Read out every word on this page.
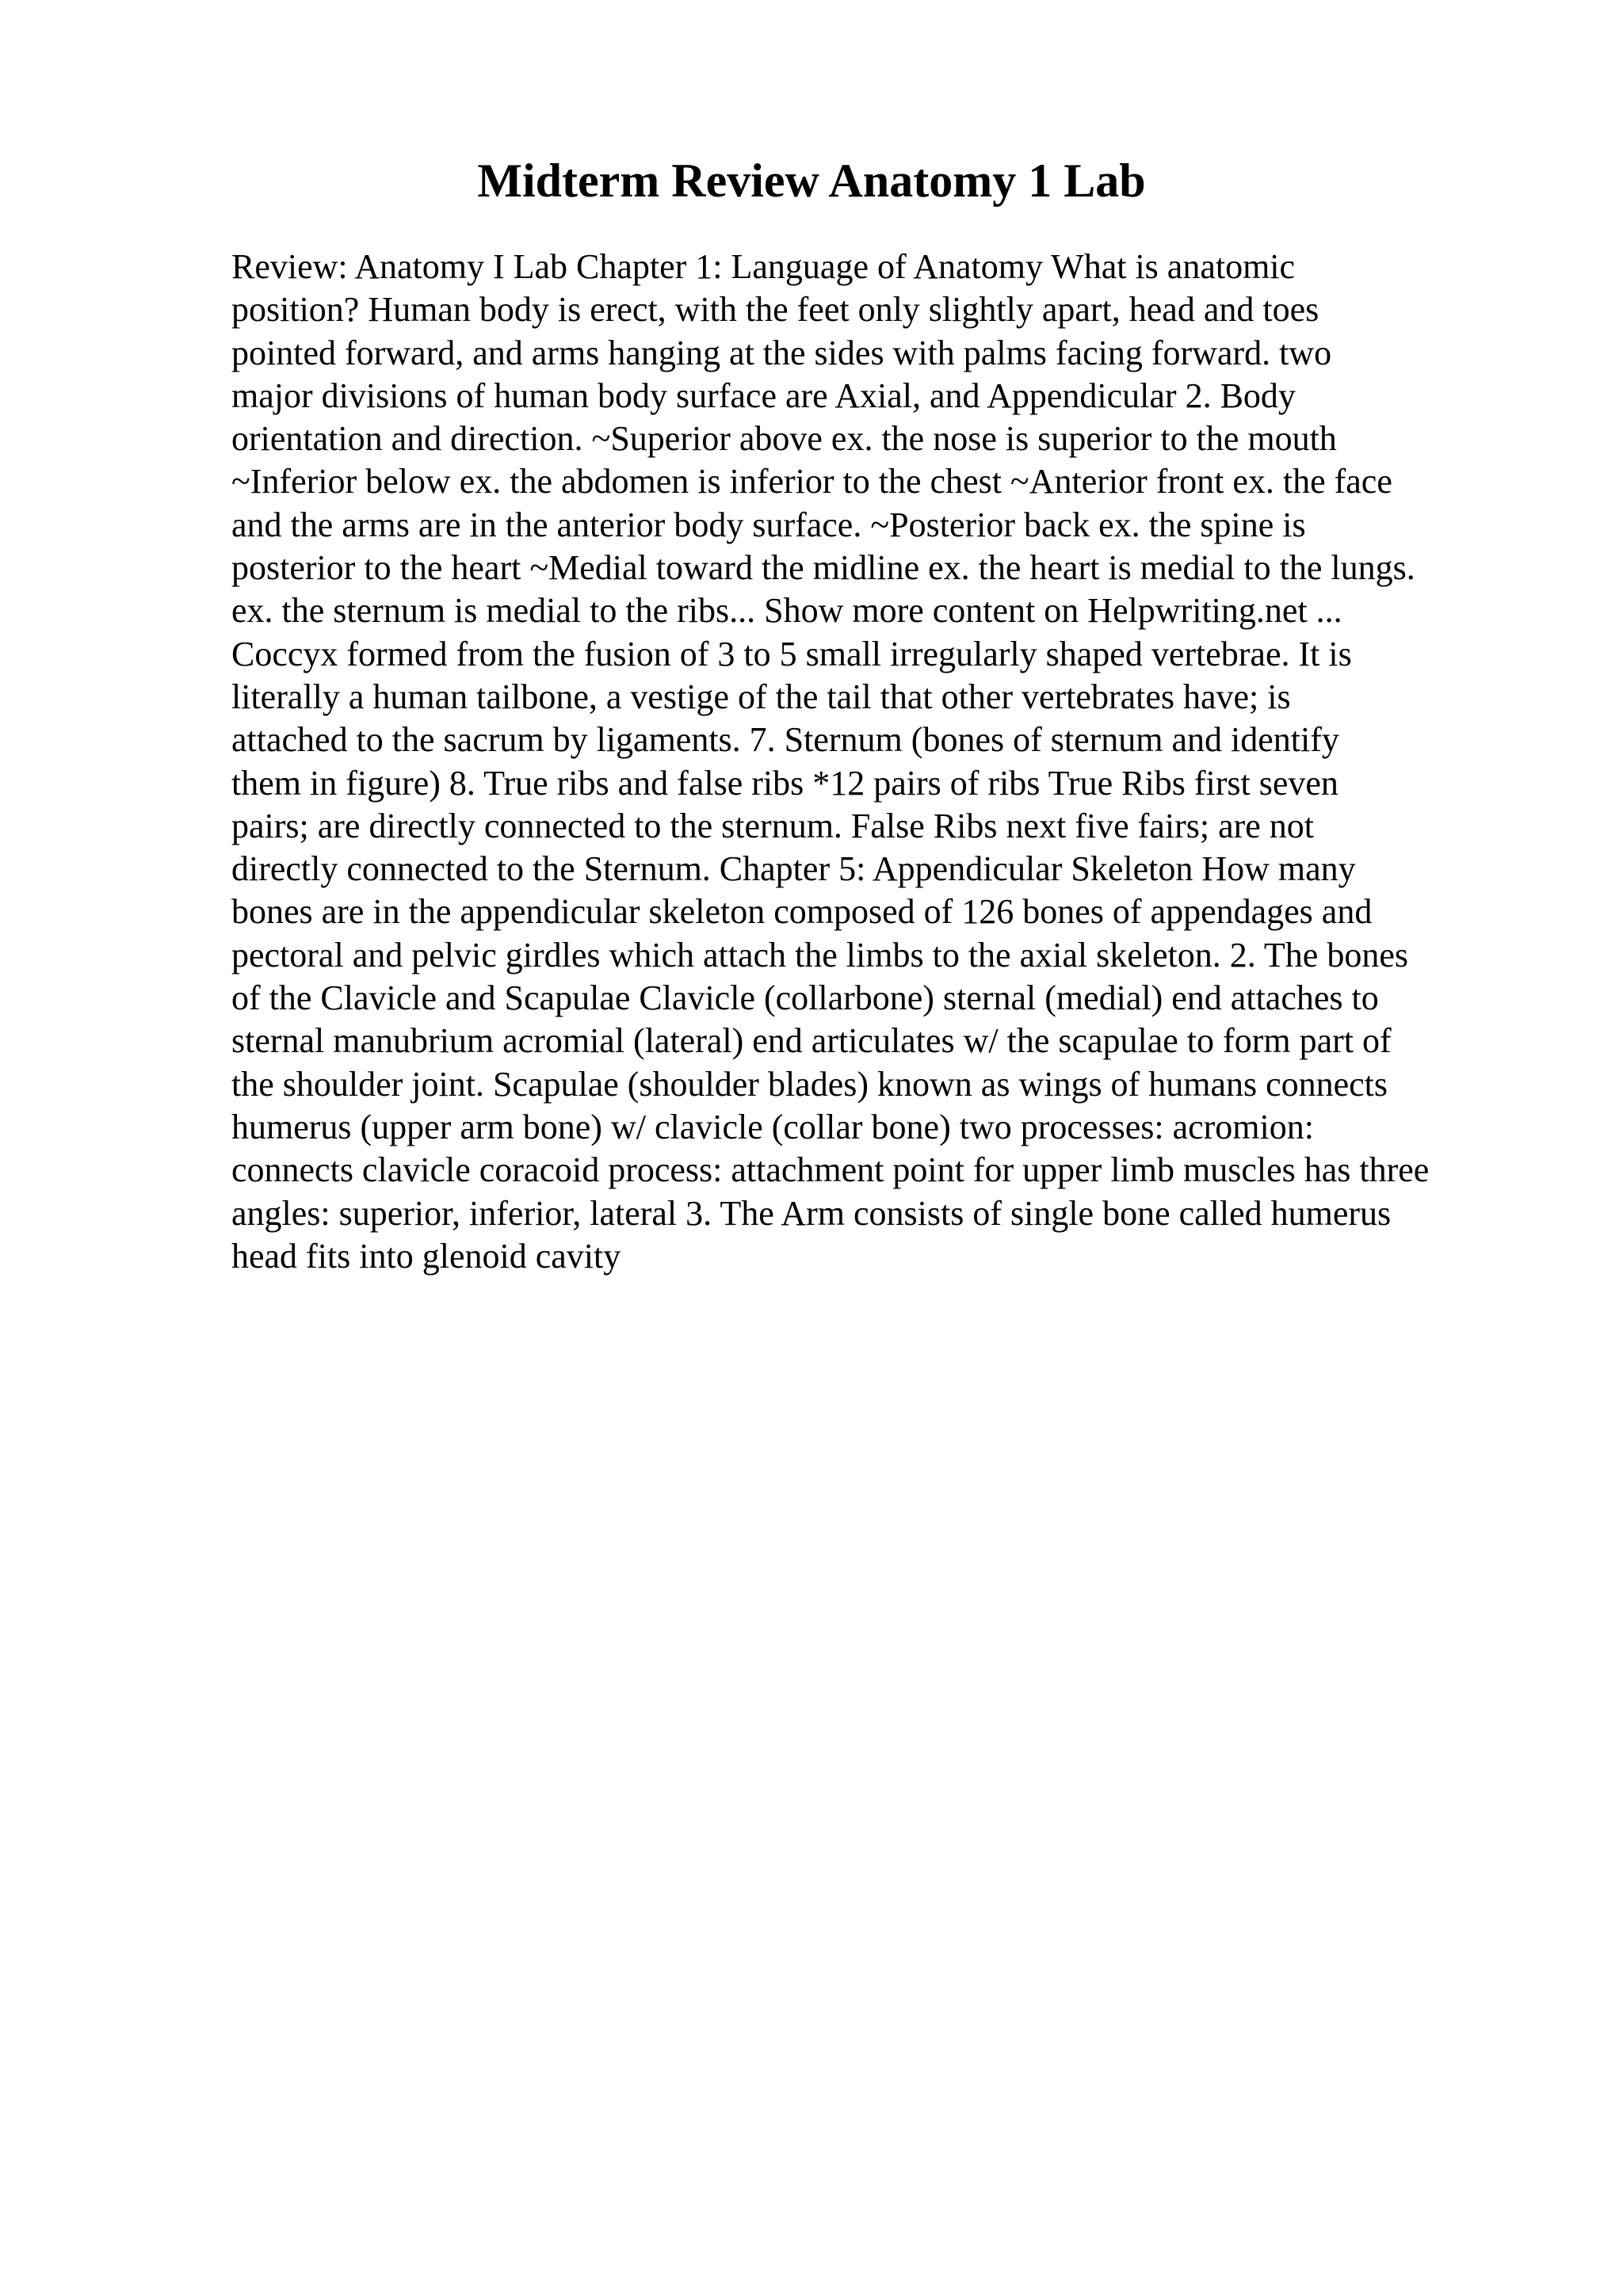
Midterm Review Anatomy 1 Lab
Review: Anatomy I Lab Chapter 1: Language of Anatomy What is anatomic
position? Human body is erect, with the feet only slightly apart, head and toes
pointed forward, and arms hanging at the sides with palms facing forward. two
major divisions of human body surface are Axial, and Appendicular 2. Body
orientation and direction. ~Superior above ex. the nose is superior to the mouth
~Inferior below ex. the abdomen is inferior to the chest ~Anterior front ex. the face
and the arms are in the anterior body surface. ~Posterior back ex. the spine is
posterior to the heart ~Medial toward the midline ex. the heart is medial to the lungs.
ex. the sternum is medial to the ribs... Show more content on Helpwriting.net ...
Coccyx formed from the fusion of 3 to 5 small irregularly shaped vertebrae. It is
literally a human tailbone, a vestige of the tail that other vertebrates have; is
attached to the sacrum by ligaments. 7. Sternum (bones of sternum and identify
them in figure) 8. True ribs and false ribs *12 pairs of ribs True Ribs first seven
pairs; are directly connected to the sternum. False Ribs next five fairs; are not
directly connected to the Sternum. Chapter 5: Appendicular Skeleton How many
bones are in the appendicular skeleton composed of 126 bones of appendages and
pectoral and pelvic girdles which attach the limbs to the axial skeleton. 2. The bones
of the Clavicle and Scapulae Clavicle (collarbone) sternal (medial) end attaches to
sternal manubrium acromial (lateral) end articulates w/ the scapulae to form part of
the shoulder joint. Scapulae (shoulder blades) known as wings of humans connects
humerus (upper arm bone) w/ clavicle (collar bone) two processes: acromion:
connects clavicle coracoid process: attachment point for upper limb muscles has three
angles: superior, inferior, lateral 3. The Arm consists of single bone called humerus
head fits into glenoid cavity
